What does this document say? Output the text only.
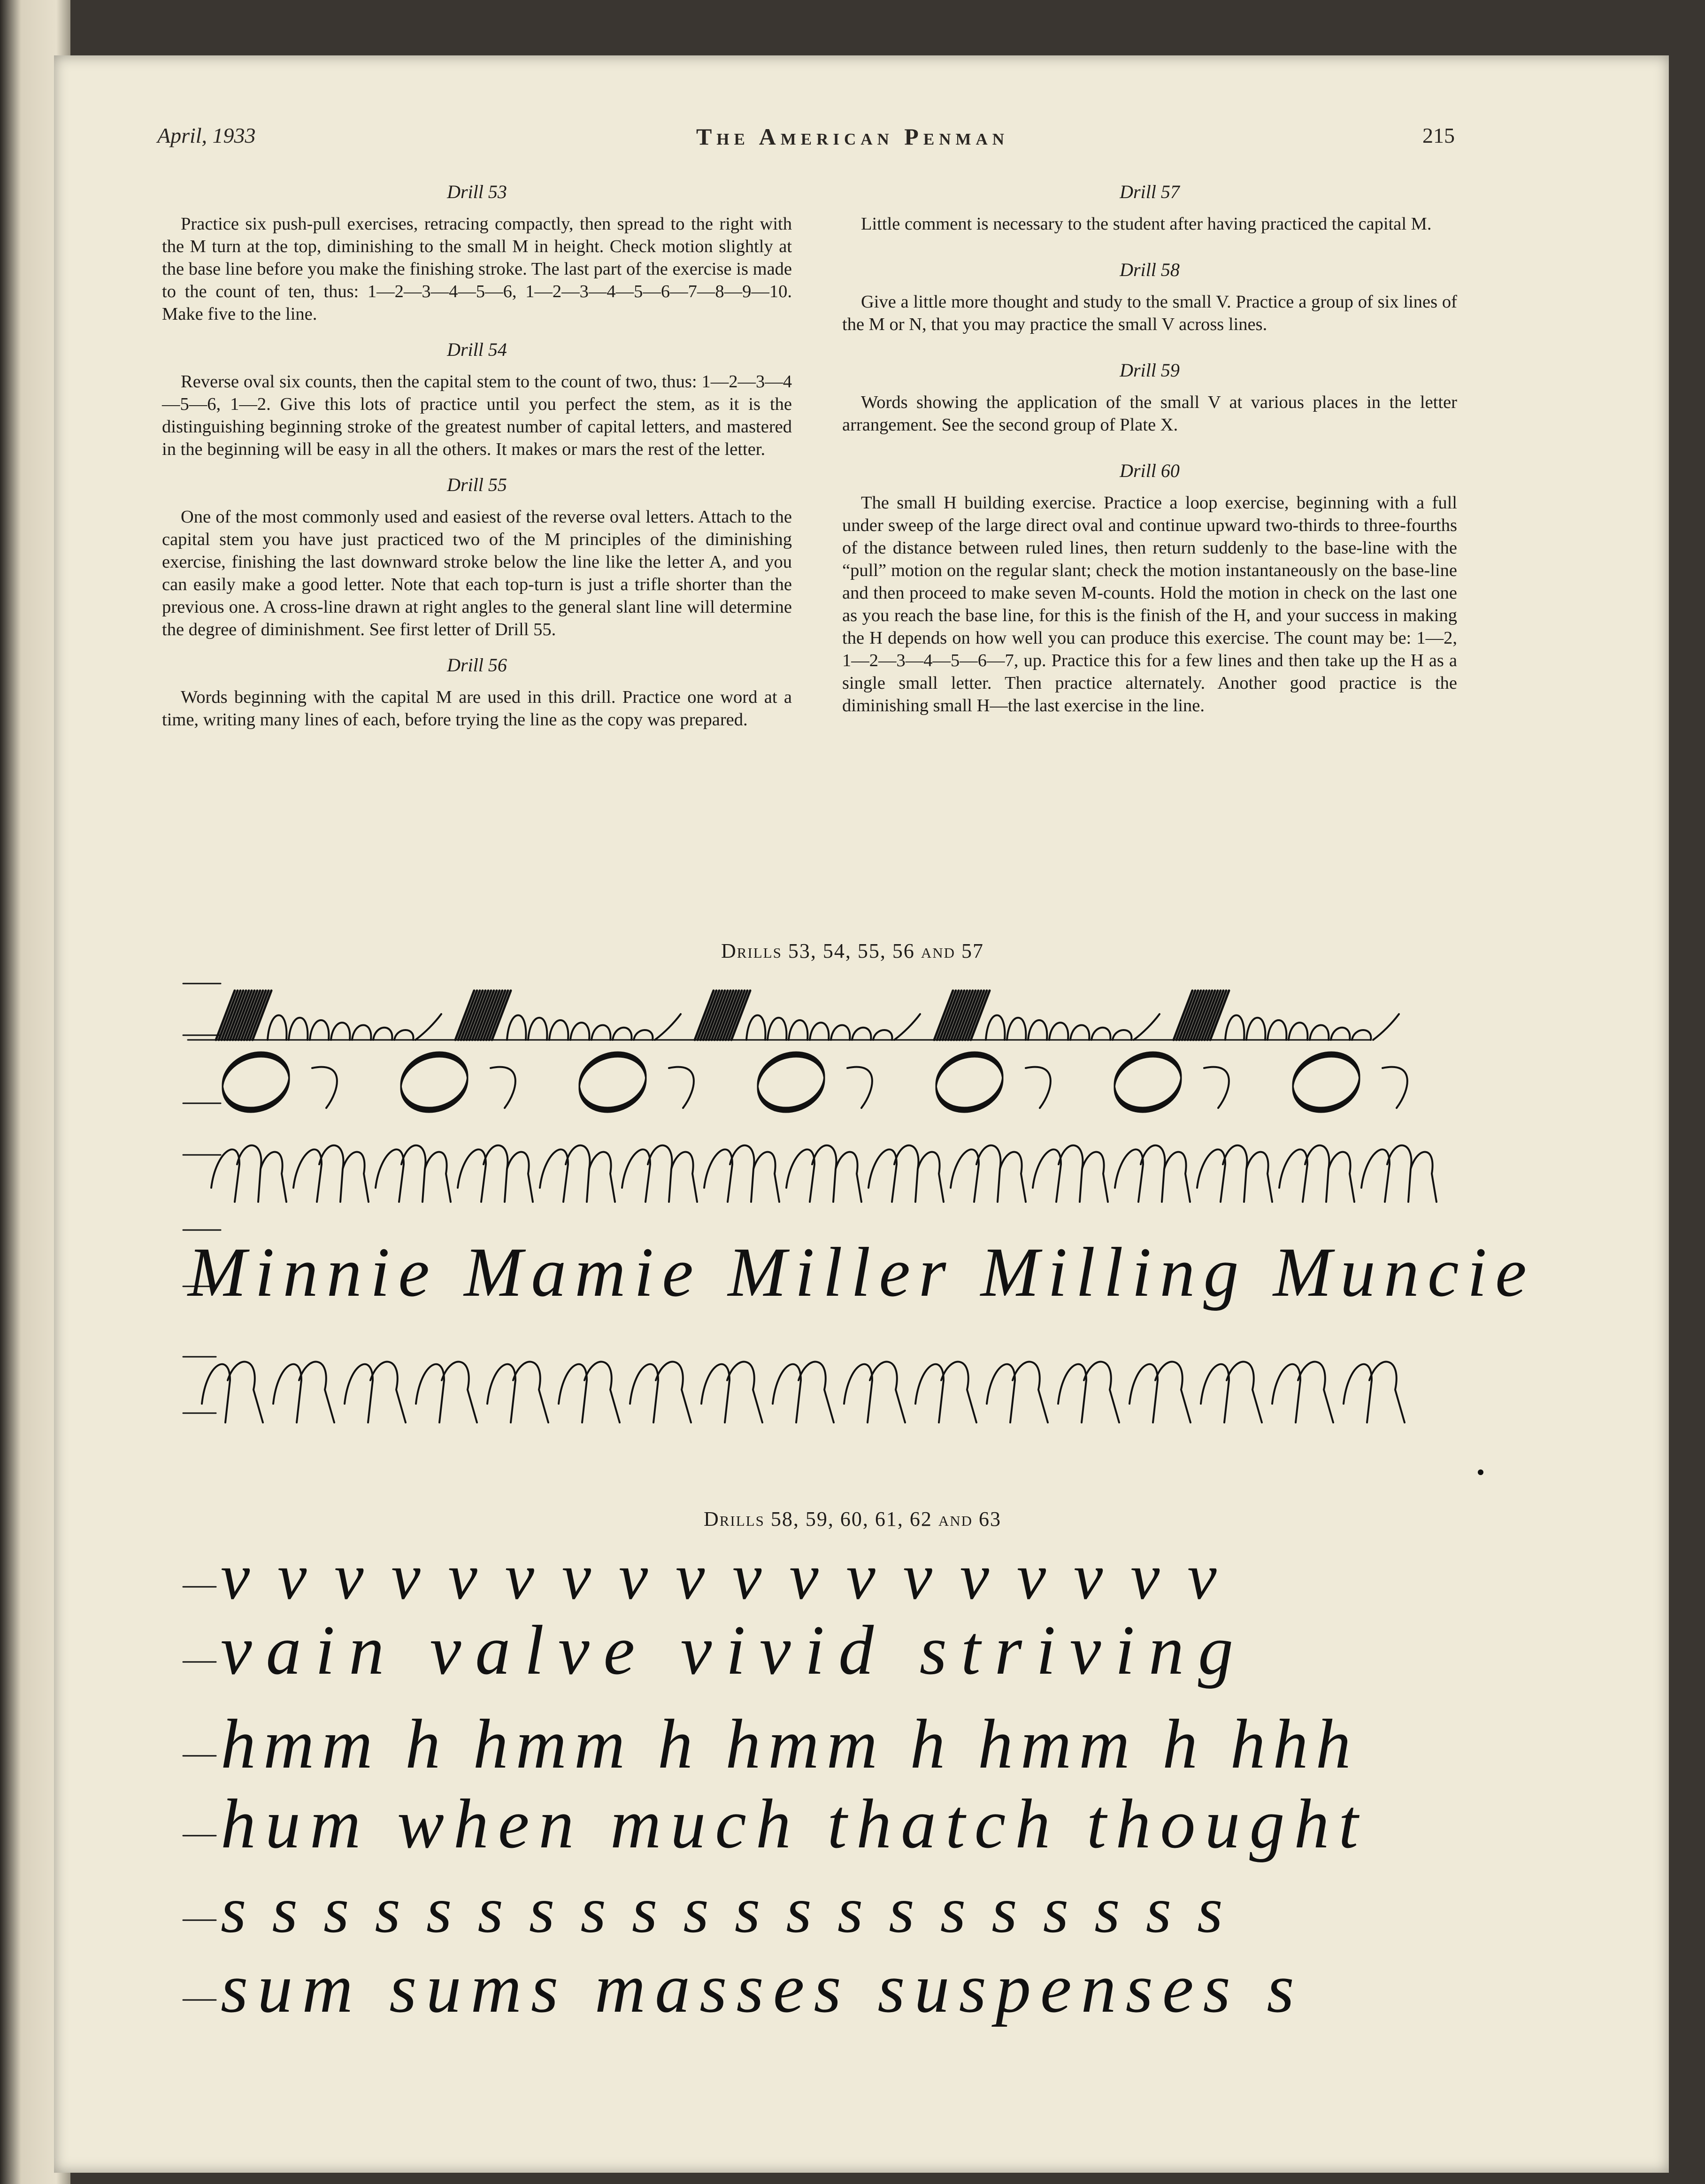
April, 1933	The American Penman	215

Drill 53

Practice six push-pull exercises, retracing compactly, then spread to the right with the M turn at the top, diminishing to the small M in height. Check motion slightly at the base line before you make the finishing stroke. The last part of the exercise is made to the count of ten, thus: 1—2—3—4—5—6, 1—2—3—4—5—6—7—8—9—10. Make five to the line.

Drill 54

Reverse oval six counts, then the capital stem to the count of two, thus: 1—2—3—4—5—6, 1—2. Give this lots of practice until you perfect the stem, as it is the distinguishing beginning stroke of the greatest number of capital letters, and mastered in the beginning will be easy in all the others. It makes or mars the rest of the letter.

Drill 55

One of the most commonly used and easiest of the reverse oval letters. Attach to the capital stem you have just practiced two of the M principles of the diminishing exercise, finishing the last downward stroke below the line like the letter A, and you can easily make a good letter. Note that each top-turn is just a trifle shorter than the previous one. A cross-line drawn at right angles to the general slant line will determine the degree of diminishment. See first letter of Drill 55.

Drill 56

Words beginning with the capital M are used in this drill. Practice one word at a time, writing many lines of each, before trying the line as the copy was prepared.

Drill 57

Little comment is necessary to the student after having practiced the capital M.

Drill 58

Give a little more thought and study to the small V. Practice a group of six lines of the M or N, that you may practice the small V across lines.

Drill 59

Words showing the application of the small V at various places in the letter arrangement. See the second group of Plate X.

Drill 60

The small H building exercise. Practice a loop exercise, beginning with a full under sweep of the large direct oval and continue upward two-thirds to three-fourths of the distance between ruled lines, then return suddenly to the base-line with the “pull” motion on the regular slant; check the motion instantaneously on the base-line and then proceed to make seven M-counts. Hold the motion in check on the last one as you reach the base line, for this is the finish of the H, and your success in making the H depends on how well you can produce this exercise. The count may be: 1—2, 1—2—3—4—5—6—7, up. Practice this for a few lines and then take up the H as a single small letter. Then practice alternately. Another good practice is the diminishing small H—the last exercise in the line.

Drills 53, 54, 55, 56 and 57
Drills 58, 59, 60, 61, 62 and 63
Minnie Mamie Miller Milling Muncie
v v v v v v v v v v v v v v v v v v
vain valve vivid striving
hmm h hmm h hmm h hmm h hhh
hum when much thatch thought
s s s s s s s s s s s s s s s s s s s s
sum sums masses suspenses s
